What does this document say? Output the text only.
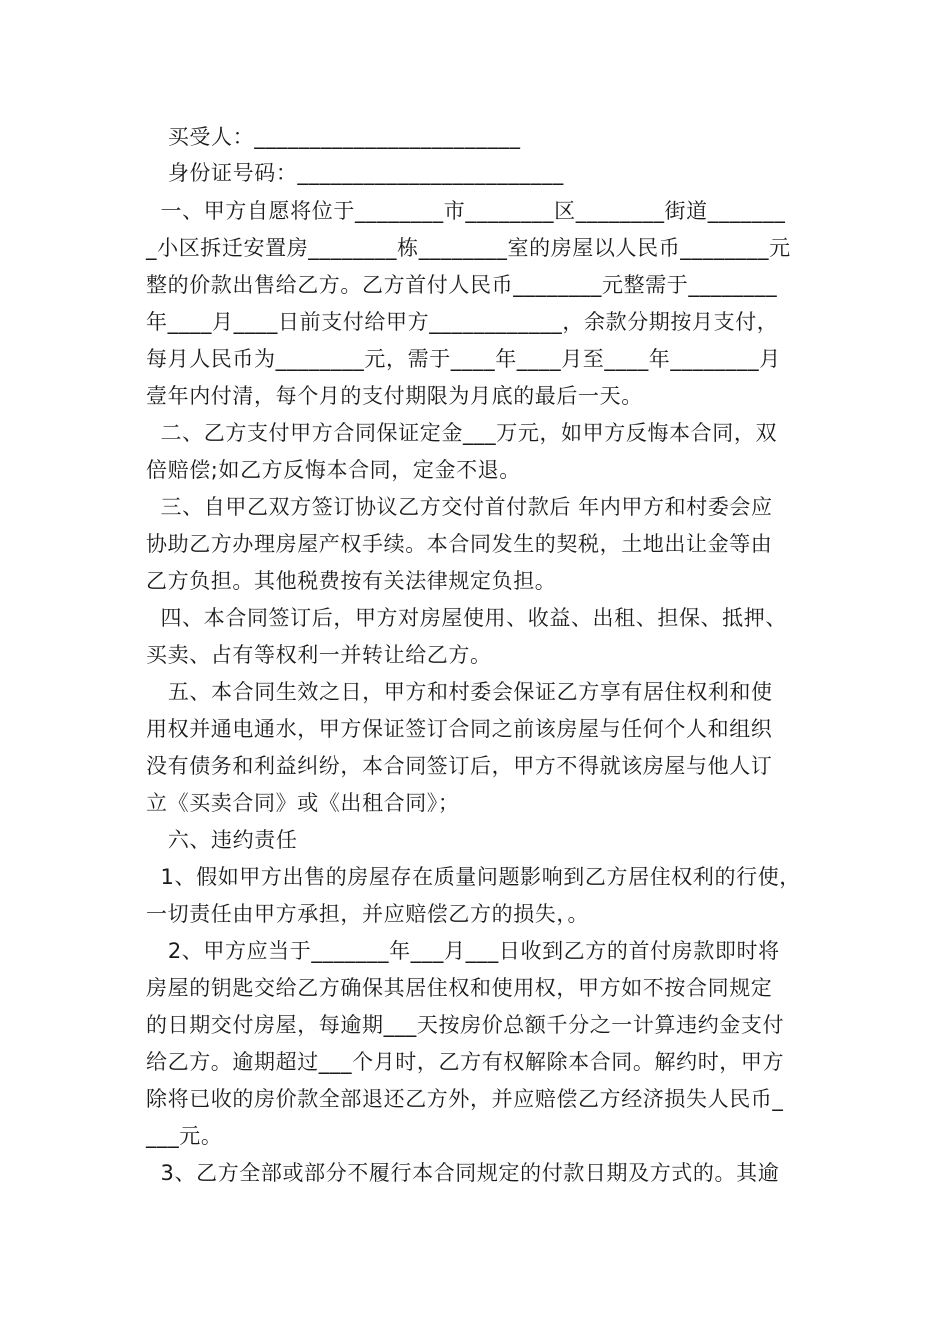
买受人：________________________
身份证号码：________________________
一、甲方自愿将位于________市________区________街道_______
_小区拆迁安置房________栋________室的房屋以人民币________元
整的价款出售给乙方。乙方首付人民币________元整需于________
年____月____日前支付给甲方____________，余款分期按月支付，
每月人民币为________元，需于____年____月至____年________月
壹年内付清，每个月的支付期限为月底的最后一天。
二、乙方支付甲方合同保证定金___万元，如甲方反悔本合同，双
倍赔偿;如乙方反悔本合同，定金不退。
三、自甲乙双方签订协议乙方交付首付款后 年内甲方和村委会应
协助乙方办理房屋产权手续。本合同发生的契税，土地出让金等由
乙方负担。其他税费按有关法律规定负担。
四、本合同签订后，甲方对房屋使用、收益、出租、担保、抵押、
买卖、占有等权利一并转让给乙方。
五、本合同生效之日，甲方和村委会保证乙方享有居住权利和使
用权并通电通水，甲方保证签订合同之前该房屋与任何个人和组织
没有债务和利益纠纷，本合同签订后，甲方不得就该房屋与他人订
立《买卖合同》或《出租合同》；
六、违约责任
1、假如甲方出售的房屋存在质量问题影响到乙方居住权利的行使，
一切责任由甲方承担，并应赔偿乙方的损失，。
2、甲方应当于_______年___月___日收到乙方的首付房款即时将
房屋的钥匙交给乙方确保其居住权和使用权，甲方如不按合同规定
的日期交付房屋，每逾期___天按房价总额千分之一计算违约金支付
给乙方。逾期超过___个月时，乙方有权解除本合同。解约时，甲方
除将已收的房价款全部退还乙方外，并应赔偿乙方经济损失人民币_
___元。
3、乙方全部或部分不履行本合同规定的付款日期及方式的。其逾
